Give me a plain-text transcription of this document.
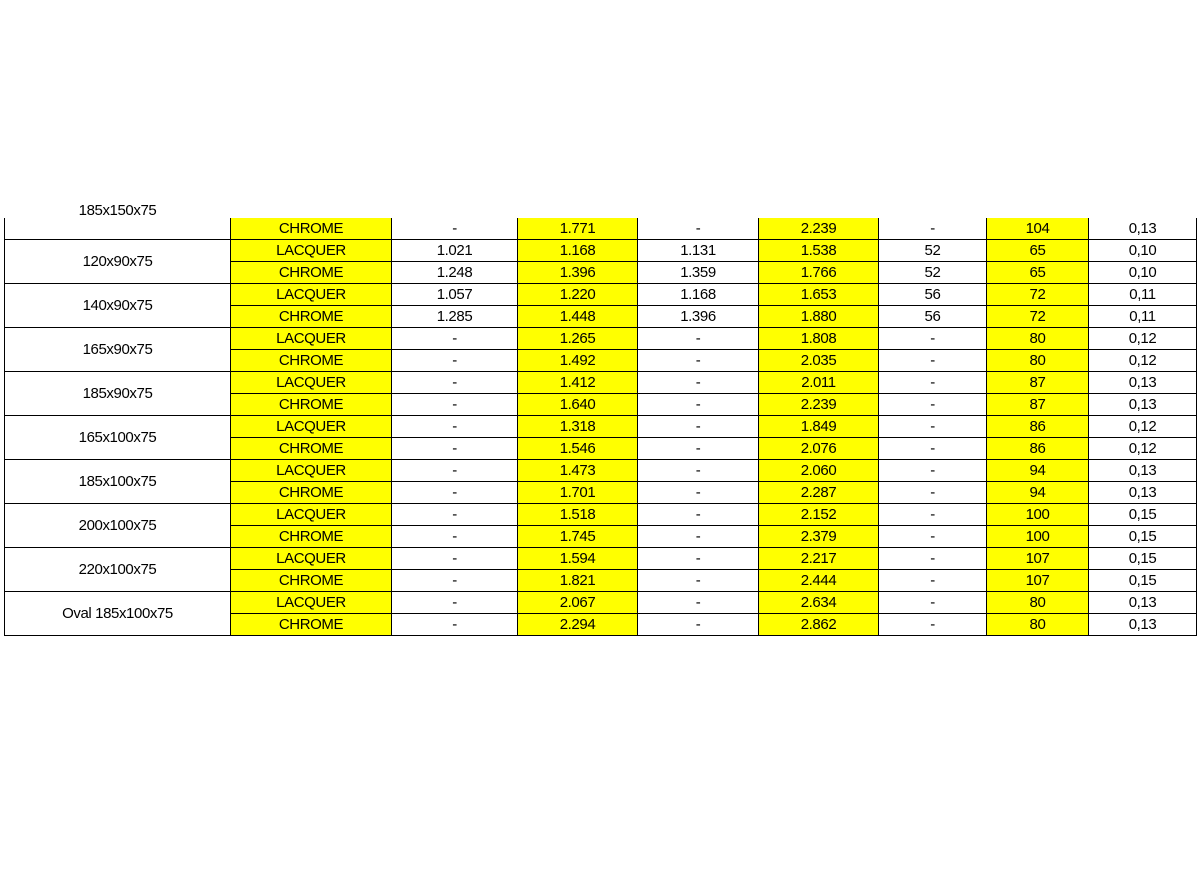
185x150x75	CHROME	-	1.771	-	2.239	-	104	0,13
120x90x75	LACQUER	1.021	1.168	1.131	1.538	52	65	0,10
	CHROME	1.248	1.396	1.359	1.766	52	65	0,10
140x90x75	LACQUER	1.057	1.220	1.168	1.653	56	72	0,11
	CHROME	1.285	1.448	1.396	1.880	56	72	0,11
165x90x75	LACQUER	-	1.265	-	1.808	-	80	0,12
	CHROME	-	1.492	-	2.035	-	80	0,12
185x90x75	LACQUER	-	1.412	-	2.011	-	87	0,13
	CHROME	-	1.640	-	2.239	-	87	0,13
165x100x75	LACQUER	-	1.318	-	1.849	-	86	0,12
	CHROME	-	1.546	-	2.076	-	86	0,12
185x100x75	LACQUER	-	1.473	-	2.060	-	94	0,13
	CHROME	-	1.701	-	2.287	-	94	0,13
200x100x75	LACQUER	-	1.518	-	2.152	-	100	0,15
	CHROME	-	1.745	-	2.379	-	100	0,15
220x100x75	LACQUER	-	1.594	-	2.217	-	107	0,15
	CHROME	-	1.821	-	2.444	-	107	0,15
Oval 185x100x75	LACQUER	-	2.067	-	2.634	-	80	0,13
	CHROME	-	2.294	-	2.862	-	80	0,13
